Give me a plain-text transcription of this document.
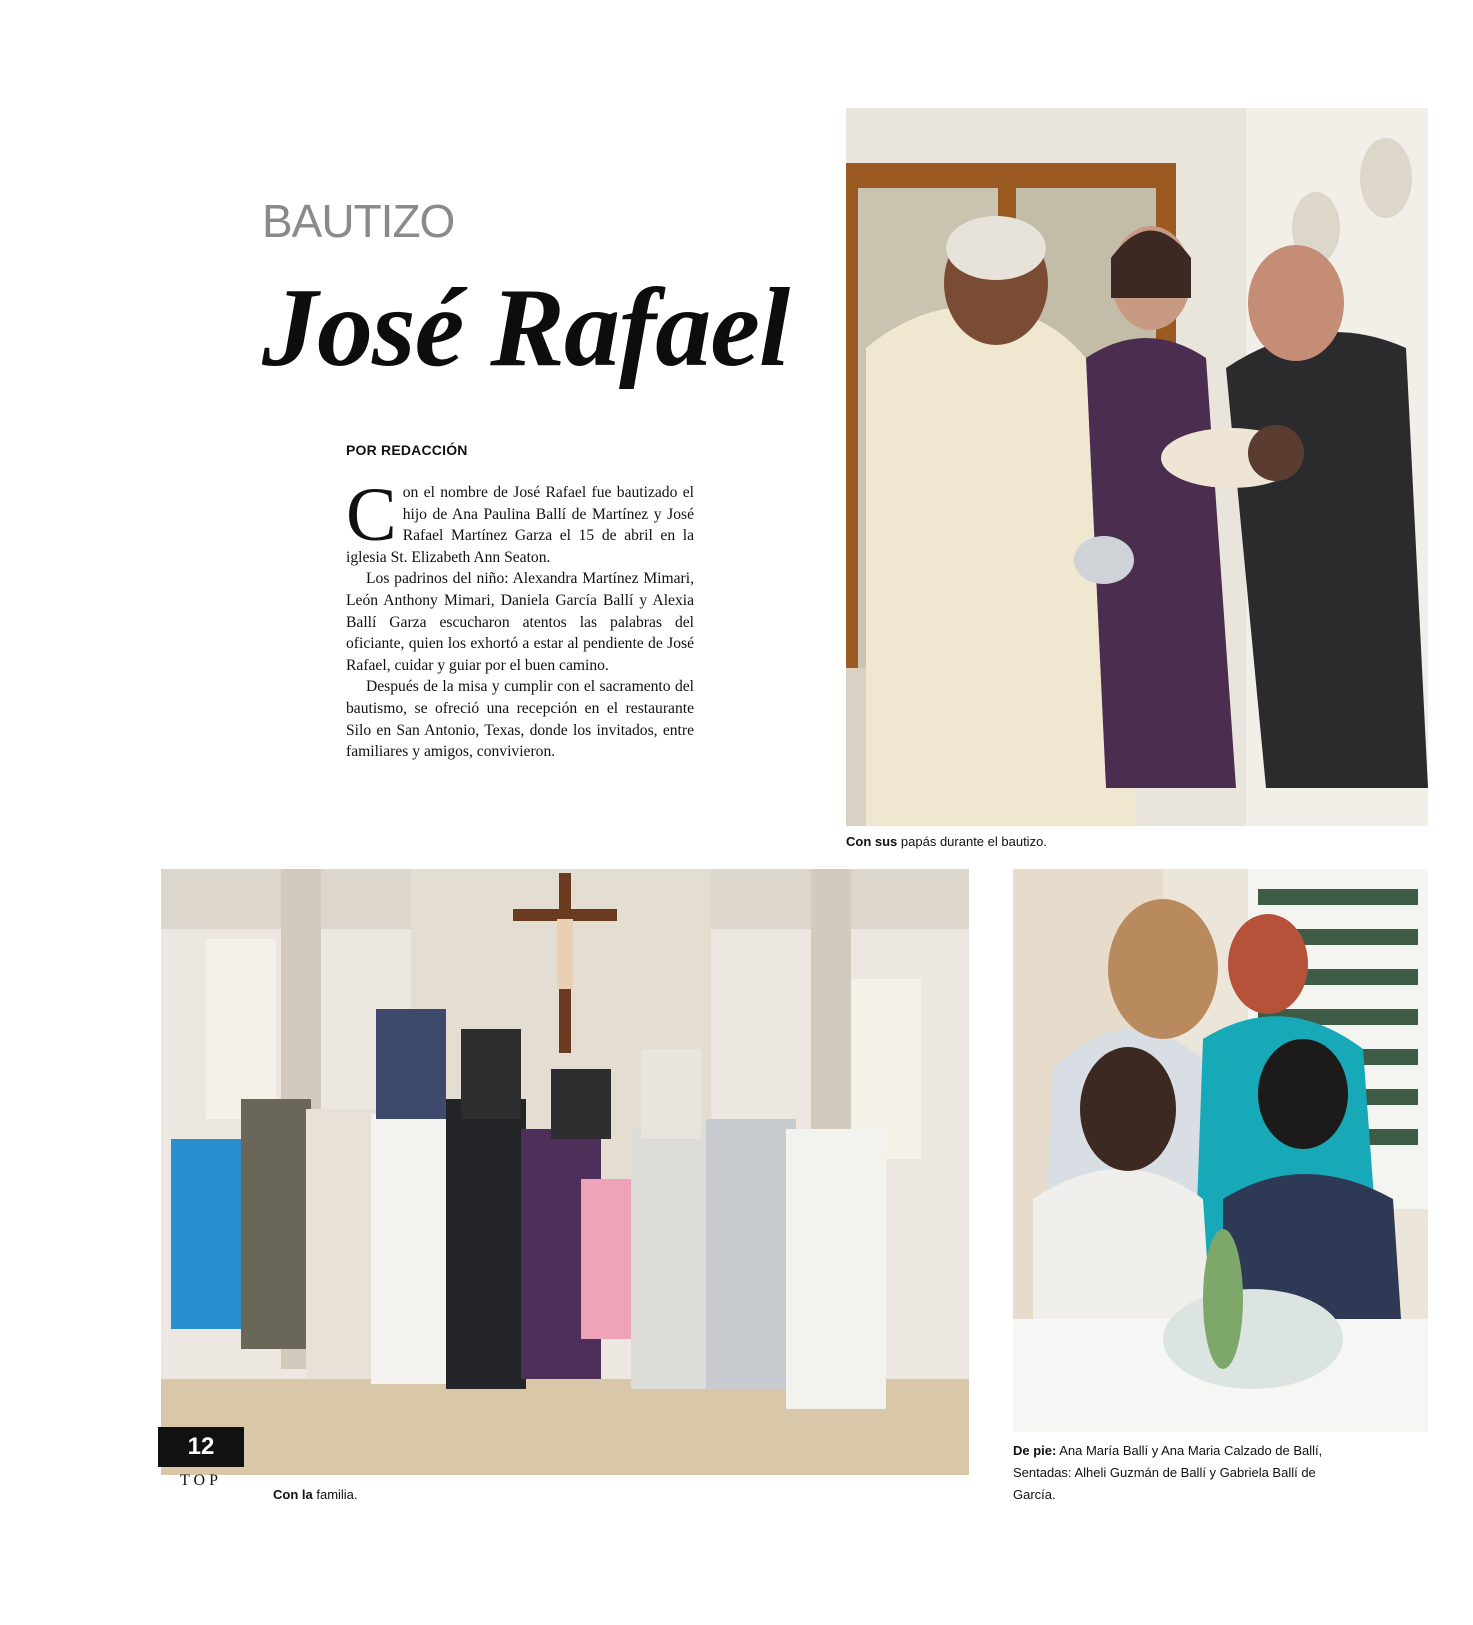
BAUTIZO
José Rafael
POR REDACCIÓN

Con el nombre de José Rafael fue bautizado el hijo de Ana Paulina Ballí de Martínez y José Rafael Martínez Garza el 15 de abril en la iglesia St. Elizabeth Ann Seaton.

Los padrinos del niño: Alexandra Martínez Mimari, León Anthony Mimari, Daniela García Ballí y Alexia Ballí Garza escucharon atentos las palabras del oficiante, quien los exhortó a estar al pendiente de José Rafael, cuidar y guiar por el buen camino.

Después de la misa y cumplir con el sacramento del bautismo, se ofreció una recepción en el restaurante Silo en San Antonio, Texas, donde los invitados, entre familiares y amigos, convivieron.

Con sus papás durante el bautizo.
Con la familia.
De pie: Ana María Ballí y Ana Maria Calzado de Ballí, Sentadas: Alheli Guzmán de Ballí y Gabriela Ballí de García.
12
TOP
